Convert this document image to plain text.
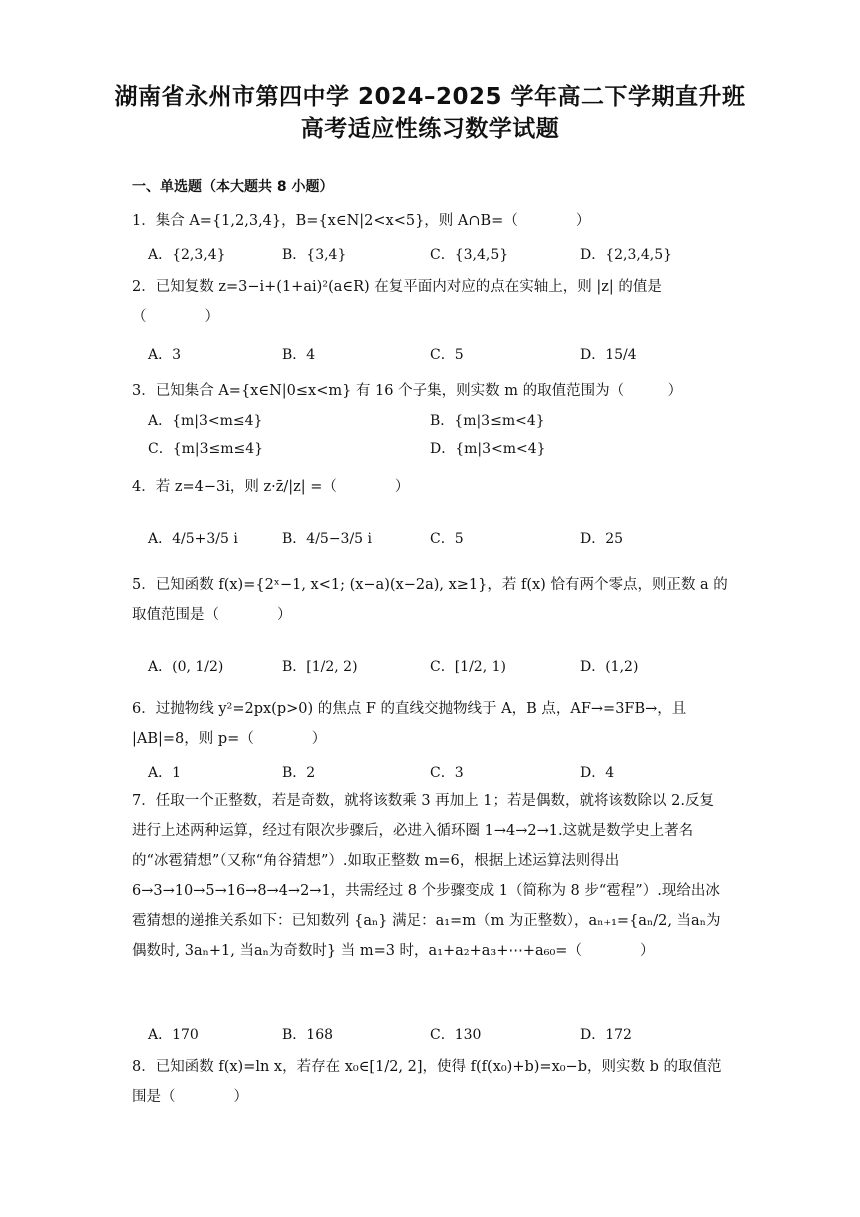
湖南省永州市第四中学 2024–2025 学年高二下学期直升班
高考适应性练习数学试题
一、单选题（本大题共 8 小题）
1．集合 A={1,2,3,4}，B={x∈N|2<x<5}，则 A∩B=（　　　　）
A．{2,3,4}	B．{3,4}	C．{3,4,5}	D．{2,3,4,5}
2．已知复数 z=3−i+(1+ai)²(a∈R) 在复平面内对应的点在实轴上，则 |z| 的值是（　　　　）
A．3	B．4	C．5	D．15/4
3．已知集合 A={x∈N|0≤x<m} 有 16 个子集，则实数 m 的取值范围为（　　　）
A．{m|3<m≤4}	B．{m|3≤m<4}
C．{m|3≤m≤4}	D．{m|3<m<4}
4．若 z=4−3i，则 z·z̄/|z| =（　　　　）
A．4/5+3/5 i	B．4/5−3/5 i	C．5	D．25
5．已知函数 f(x)={2ˣ−1, x<1; (x−a)(x−2a), x≥1}，若 f(x) 恰有两个零点，则正数 a 的取值范围是（　　　　）
A．(0, 1/2)	B．[1/2, 2)	C．[1/2, 1)	D．(1,2)
6．过抛物线 y²=2px(p>0) 的焦点 F 的直线交抛物线于 A，B 点，AF→=3FB→，且 |AB|=8，则 p=（　　　　）
A．1	B．2	C．3	D．4
7．任取一个正整数，若是奇数，就将该数乘 3 再加上 1；若是偶数，就将该数除以 2.反复进行上述两种运算，经过有限次步骤后，必进入循环圈 1→4→2→1.这就是数学史上著名的“冰雹猜想”（又称“角谷猜想”）.如取正整数 m=6，根据上述运算法则得出 6→3→10→5→16→8→4→2→1，共需经过 8 个步骤变成 1（简称为 8 步“雹程”）.现给出冰雹猜想的递推关系如下：已知数列 {aₙ} 满足：a₁=m（m 为正整数），aₙ₊₁={aₙ/2, 当aₙ为偶数时, 3aₙ+1, 当aₙ为奇数时} 当 m=3 时，a₁+a₂+a₃+⋯+a₆₀=（　　　　）
A．170	B．168	C．130	D．172
8．已知函数 f(x)=ln x，若存在 x₀∈[1/2, 2]，使得 f(f(x₀)+b)=x₀−b，则实数 b 的取值范围是（　　　　）
